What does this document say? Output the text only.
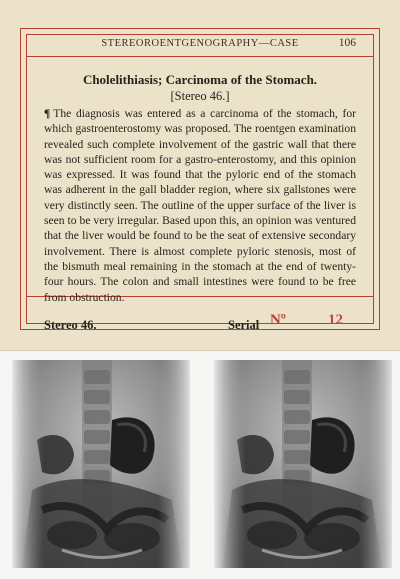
STEREOROENTGENOGRAPHY—CASE	106
Cholelithiasis; Carcinoma of the Stomach.
[Stereo 46.]
¶ The diagnosis was entered as a carcinoma of the stomach, for which gastroenterostomy was proposed. The roentgen examination revealed such complete involvement of the gastric wall that there was not sufficient room for a gastro-enterostomy, and this opinion was expressed. It was found that the pyloric end of the stomach was adherent in the gall bladder region, where six gallstones were very distinctly seen. The outline of the upper surface of the liver is seen to be very irregular. Based upon this, an opinion was ventured that the liver would be found to be the seat of extensive secondary involvement. There is almost complete pyloric stenosis, most of the bismuth meal remaining in the stomach at the end of twenty-four hours. The colon and small intestines were found to be free from obstruction.
Stereo 46.	Serial Nº	12
